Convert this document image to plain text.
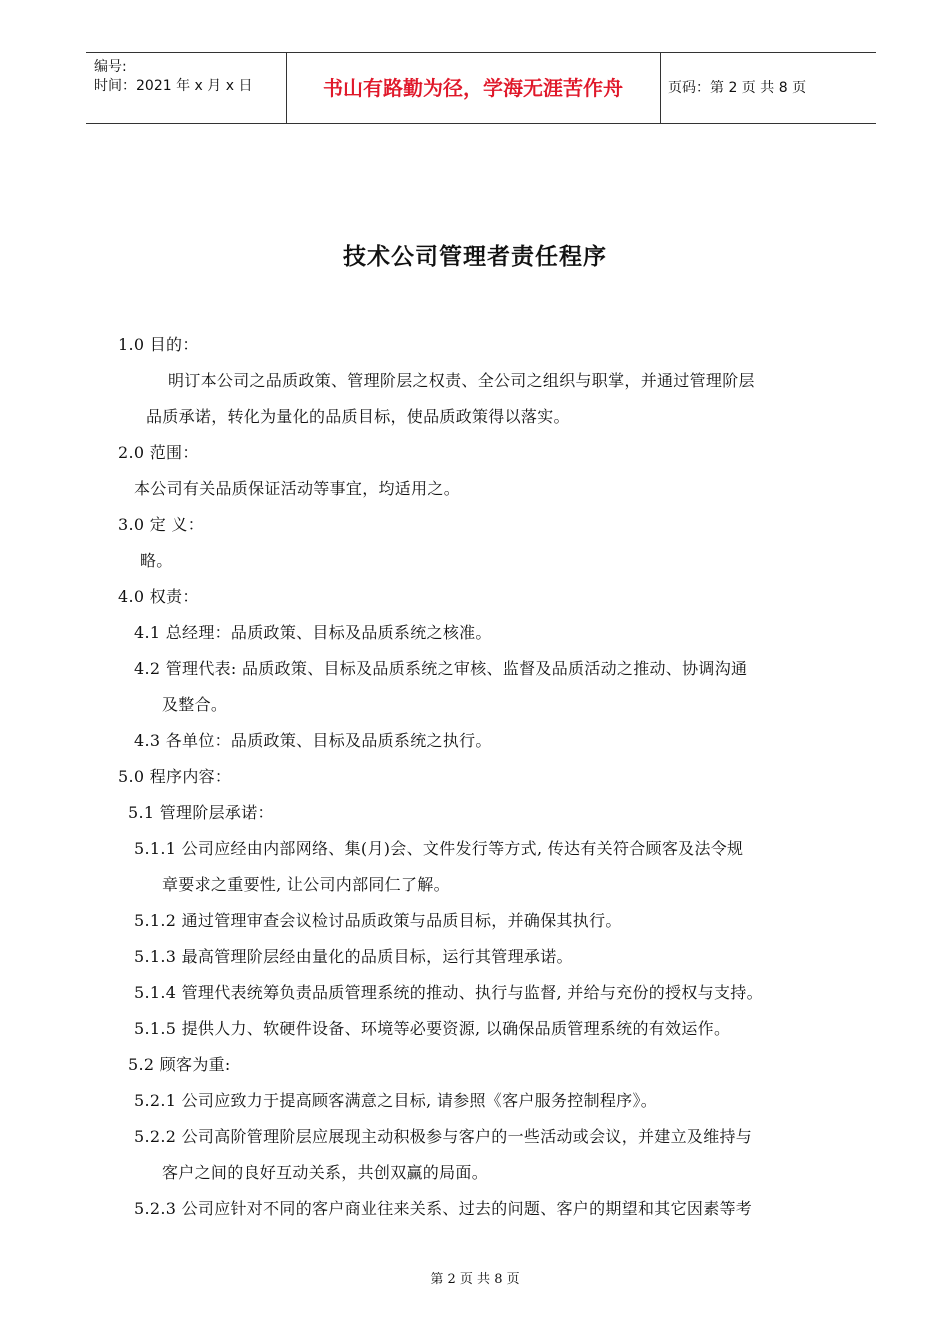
编号:
时间：2021 年 x 月 x 日	书山有路勤为径，学海无涯苦作舟	页码：第 2 页 共 8 页
技术公司管理者责任程序
1.0 目的：
明订本公司之品质政策、管理阶层之权责、全公司之组织与职掌，并通过管理阶层
品质承诺，转化为量化的品质目标，使品质政策得以落实。
2.0 范围：
本公司有关品质保证活动等事宜，均适用之。
3.0 定 义：
略。
4.0 权责：
4.1 总经理：品质政策、目标及品质系统之核准。
4.2 管理代表: 品质政策、目标及品质系统之审核、监督及品质活动之推动、协调沟通
及整合。
4.3 各单位：品质政策、目标及品质系统之执行。
5.0 程序内容：
5.1 管理阶层承诺：
5.1.1 公司应经由内部网络、集(月)会、文件发行等方式, 传达有关符合顾客及法令规
章要求之重要性, 让公司内部同仁了解。
5.1.2 通过管理审查会议检讨品质政策与品质目标，并确保其执行。
5.1.3 最高管理阶层经由量化的品质目标，运行其管理承诺。
5.1.4 管理代表统筹负责品质管理系统的推动、执行与监督, 并给与充份的授权与支持。
5.1.5 提供人力、软硬件设备、环境等必要资源, 以确保品质管理系统的有效运作。
5.2 顾客为重:
5.2.1 公司应致力于提高顾客满意之目标, 请参照《客户服务控制程序》。
5.2.2 公司高阶管理阶层应展现主动积极参与客户的一些活动或会议，并建立及维持与
客户之间的良好互动关系，共创双赢的局面。
5.2.3 公司应针对不同的客户商业往来关系、过去的问题、客户的期望和其它因素等考
第 2 页 共 8 页
